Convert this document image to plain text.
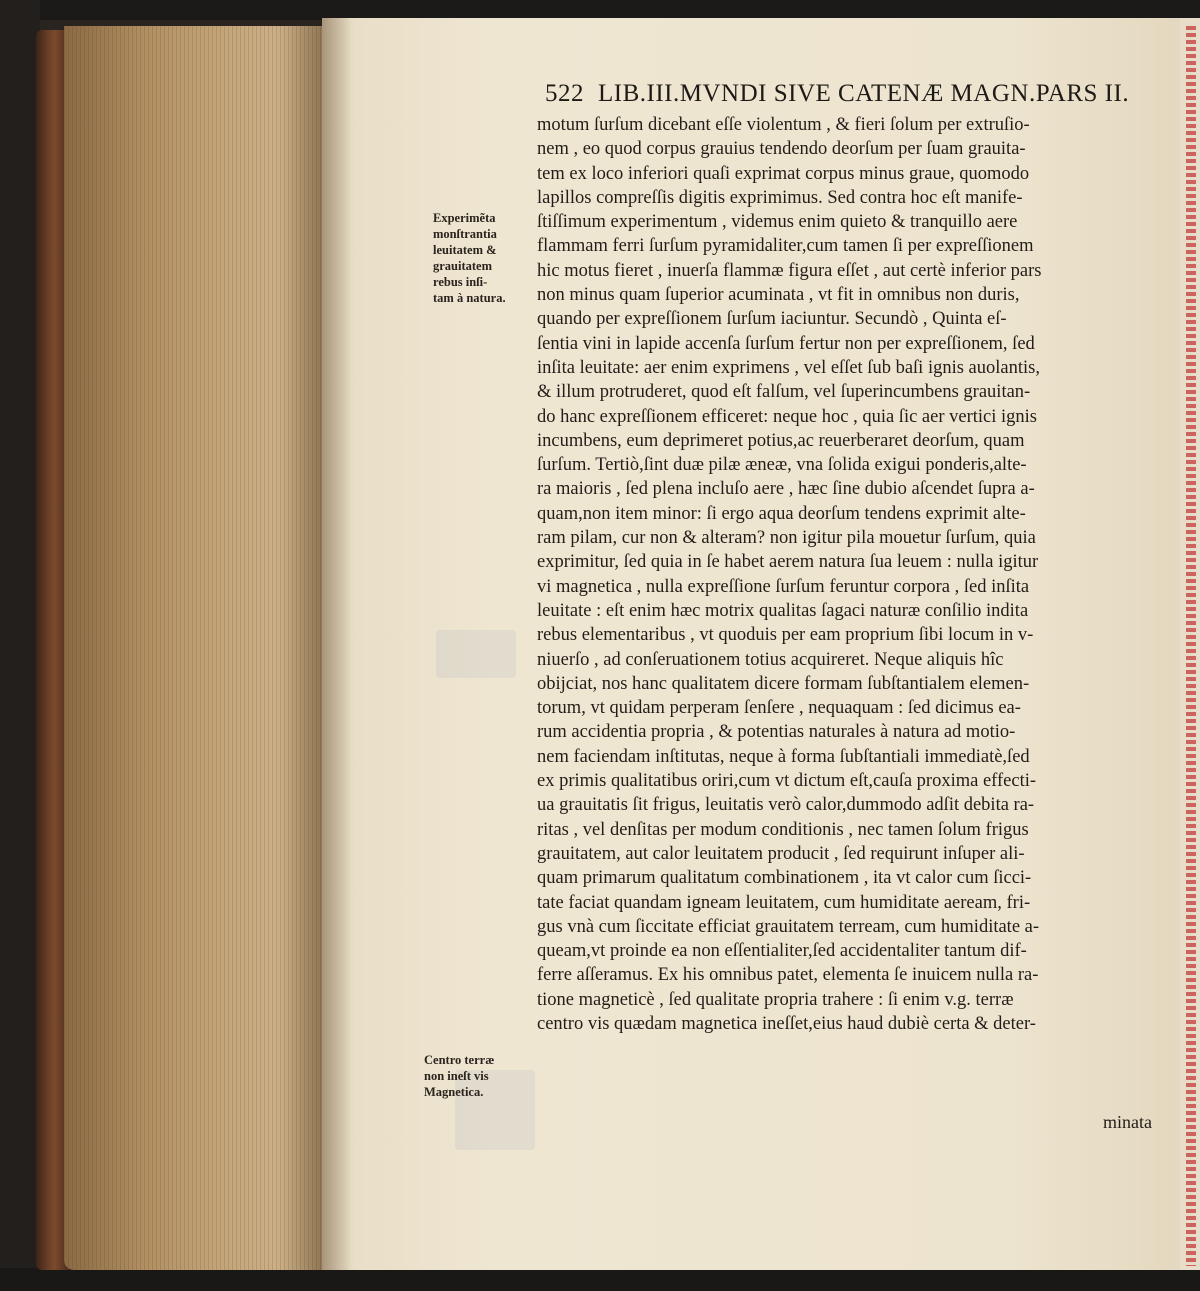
522 LIB.III.MVNDI SIVE CATENÆ MAGN.PARS II.
motum ſurſum dicebant eſſe violentum , & fieri ſolum per extruſio-
nem , eo quod corpus grauius tendendo deorſum per ſuam grauita-
tem ex loco inferiori quaſi exprimat corpus minus graue, quomodo
lapillos compreſſis digitis exprimimus. Sed contra hoc eſt manife-
ſtiſſimum experimentum , videmus enim quieto & tranquillo aere
flammam ferri ſurſum pyramidaliter,cum tamen ſi per expreſſionem
hic motus fieret , inuerſa flammæ figura eſſet , aut certè inferior pars
non minus quam ſuperior acuminata , vt fit in omnibus non duris,
quando per expreſſionem ſurſum iaciuntur. Secundò , Quinta eſ-
ſentia vini in lapide accenſa ſurſum fertur non per expreſſionem, ſed
inſita leuitate: aer enim exprimens , vel eſſet ſub baſi ignis auolantis,
& illum protruderet, quod eſt falſum, vel ſuperincumbens grauitan-
do hanc expreſſionem efficeret: neque hoc , quia ſic aer vertici ignis
incumbens, eum deprimeret potius,ac reuerberaret deorſum, quam
ſurſum. Tertiò,ſint duæ pilæ æneæ, vna ſolida exigui ponderis,alte-
ra maioris , ſed plena incluſo aere , hæc ſine dubio aſcendet ſupra a-
quam,non item minor: ſi ergo aqua deorſum tendens exprimit alte-
ram pilam, cur non & alteram? non igitur pila mouetur ſurſum, quia
exprimitur, ſed quia in ſe habet aerem natura ſua leuem : nulla igitur
vi magnetica , nulla expreſſione ſurſum feruntur corpora , ſed inſita
leuitate : eſt enim hæc motrix qualitas ſagaci naturæ conſilio indita
rebus elementaribus , vt quoduis per eam proprium ſibi locum in v-
niuerſo , ad conſeruationem totius acquireret. Neque aliquis hîc
obijciat, nos hanc qualitatem dicere formam ſubſtantialem elemen-
torum, vt quidam perperam ſenſere , nequaquam : ſed dicimus ea-
rum accidentia propria , & potentias naturales à natura ad motio-
nem faciendam inſtitutas, neque à forma ſubſtantiali immediatè,ſed
ex primis qualitatibus oriri,cum vt dictum eſt,cauſa proxima effecti-
ua grauitatis ſit frigus, leuitatis verò calor,dummodo adſit debita ra-
ritas , vel denſitas per modum conditionis , nec tamen ſolum frigus
grauitatem, aut calor leuitatem producit , ſed requirunt inſuper ali-
quam primarum qualitatum combinationem , ita vt calor cum ſicci-
tate faciat quandam igneam leuitatem, cum humiditate aeream, fri-
gus vnà cum ſiccitate efficiat grauitatem terream, cum humiditate a-
queam,vt proinde ea non eſſentialiter,ſed accidentaliter tantum dif-
ferre aſſeramus. Ex his omnibus patet, elementa ſe inuicem nulla ra-
tione magneticè , ſed qualitate propria trahere : ſi enim v.g. terræ
centro vis quædam magnetica ineſſet,eius haud dubiè certa & deter-
Experimẽta
monſtrantia
leuitatem &
grauitatem
rebus inſi-
tam à natura.
Centro terræ
non ineſt vis
Magnetica.
minata
